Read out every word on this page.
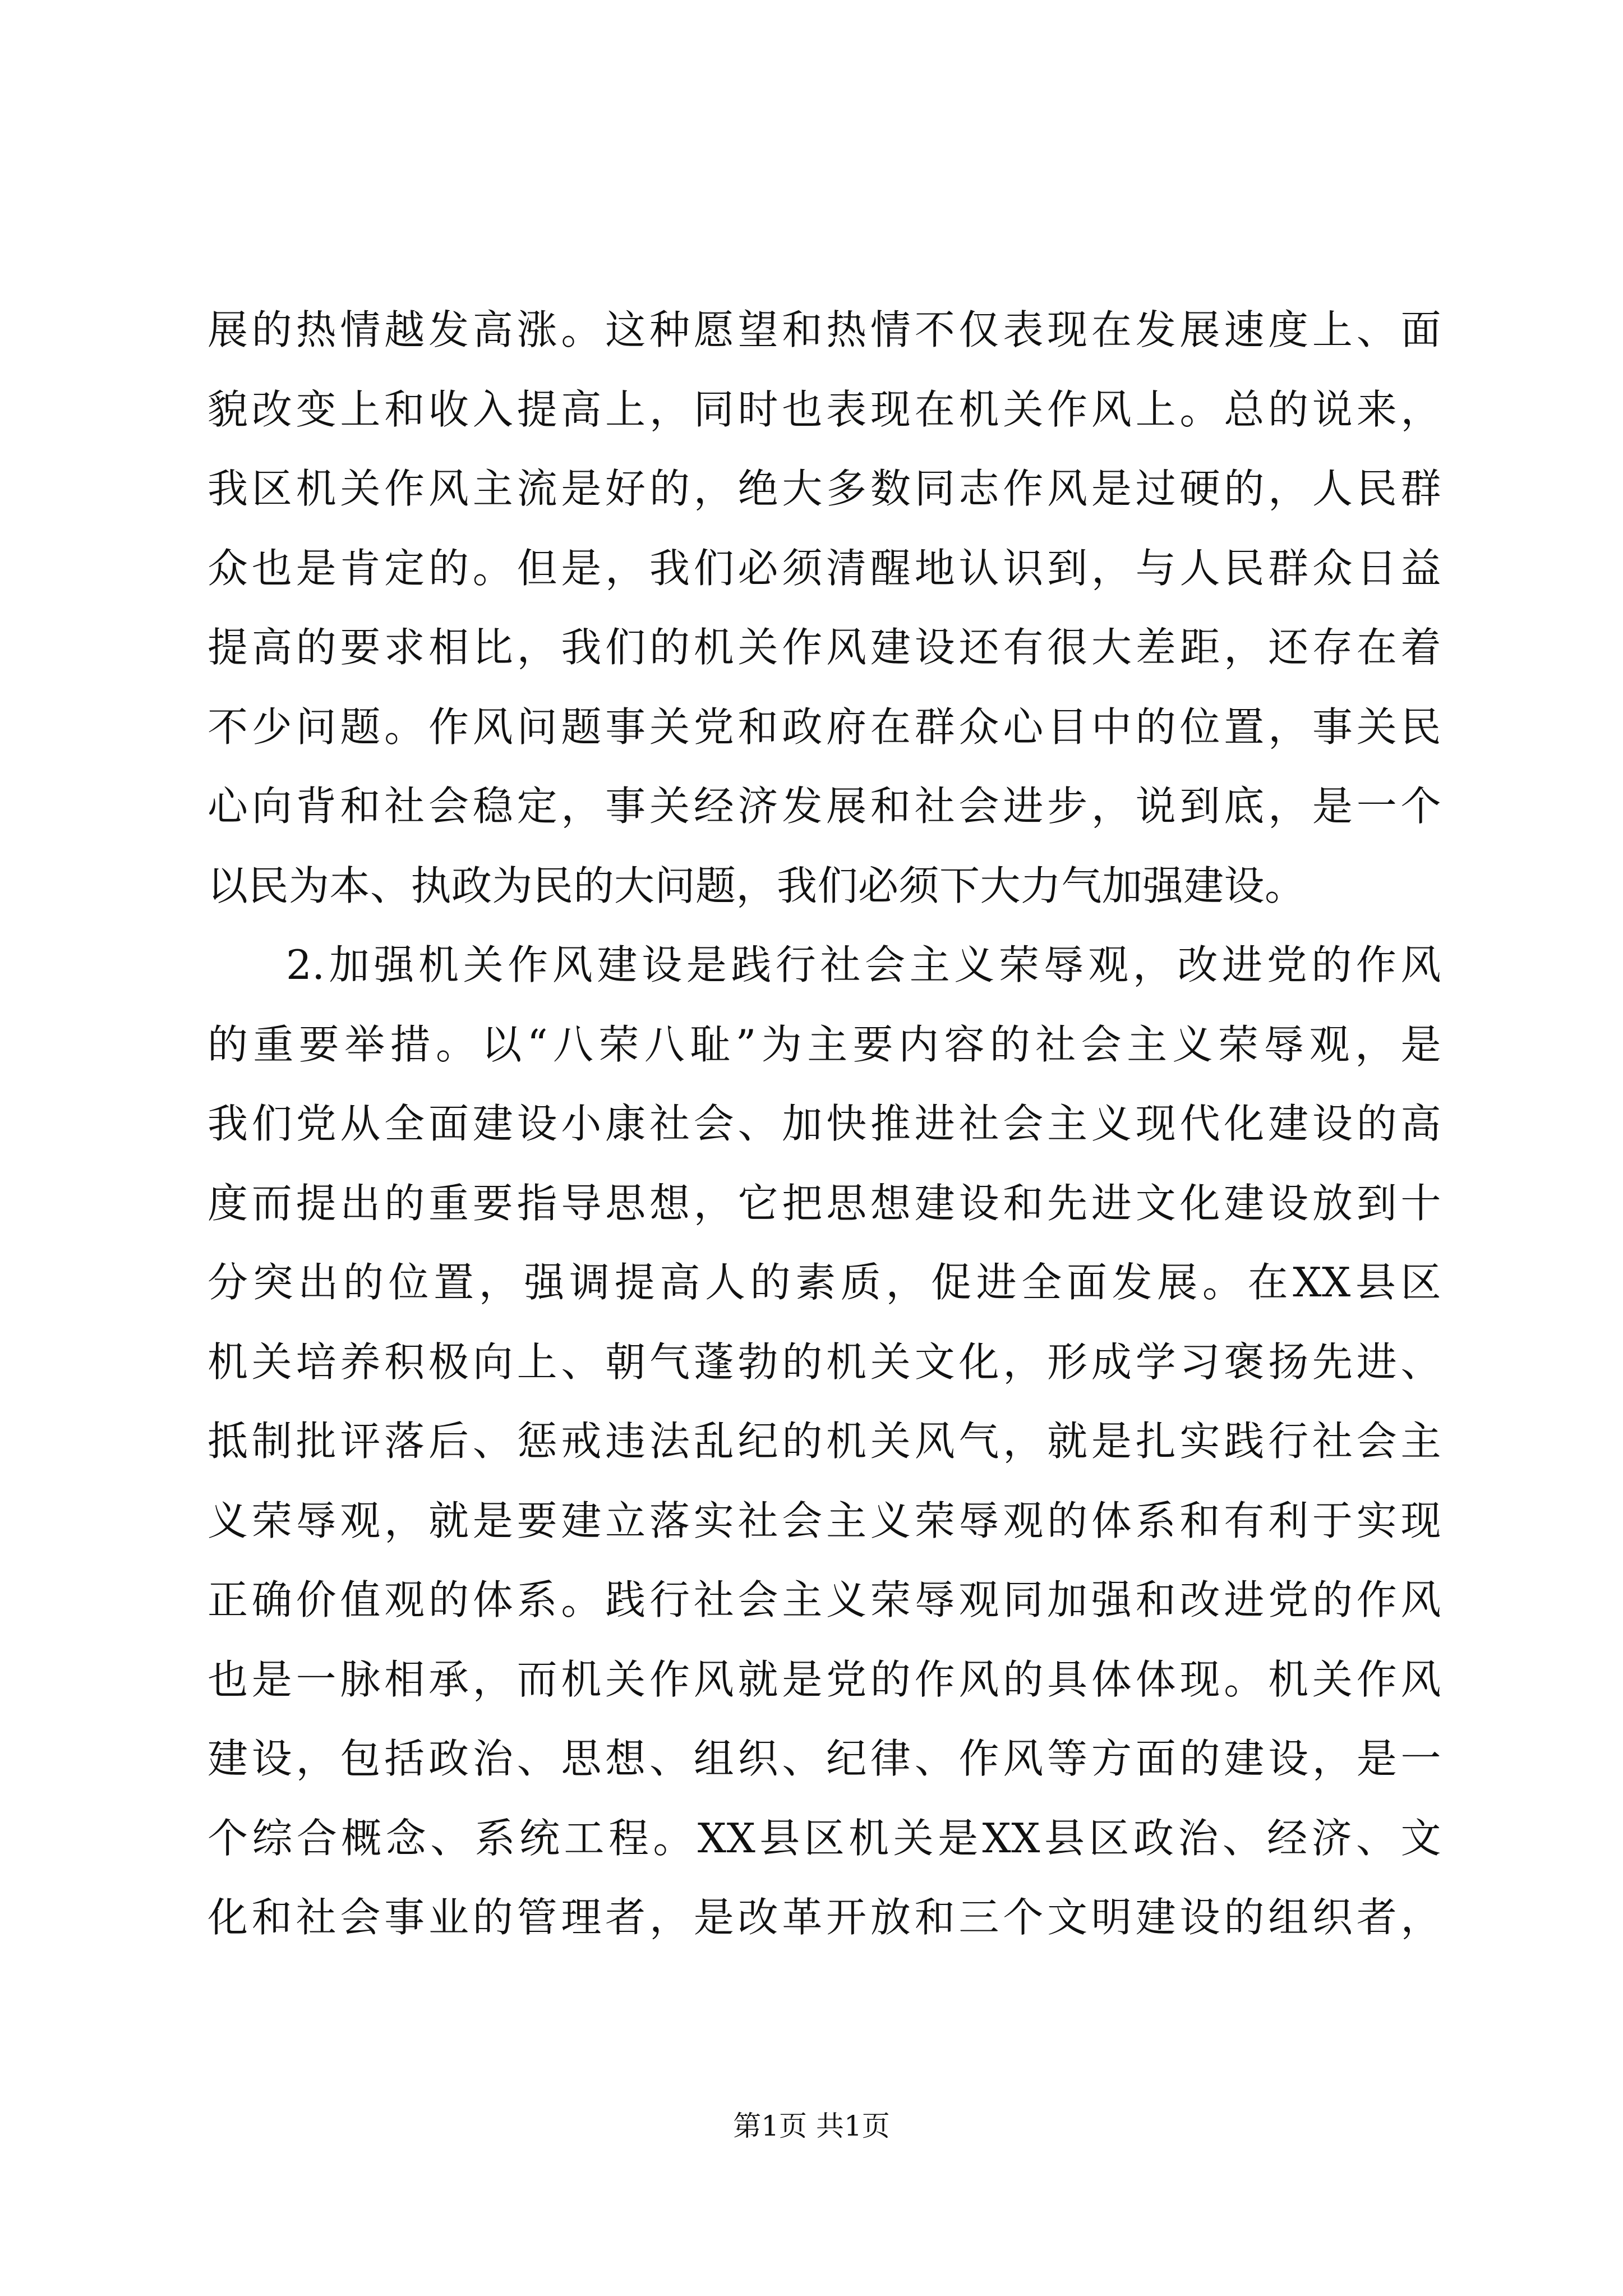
展的热情越发高涨。这种愿望和热情不仅表现在发展速度上、面
貌改变上和收入提高上，同时也表现在机关作风上。总的说来，
我区机关作风主流是好的，绝大多数同志作风是过硬的，人民群
众也是肯定的。但是，我们必须清醒地认识到，与人民群众日益
提高的要求相比，我们的机关作风建设还有很大差距，还存在着
不少问题。作风问题事关党和政府在群众心目中的位置，事关民
心向背和社会稳定，事关经济发展和社会进步，说到底，是一个
以民为本、执政为民的大问题，我们必须下大力气加强建设。
2.加强机关作风建设是践行社会主义荣辱观，改进党的作风
的重要举措。以“八荣八耻”为主要内容的社会主义荣辱观，是
我们党从全面建设小康社会、加快推进社会主义现代化建设的高
度而提出的重要指导思想，它把思想建设和先进文化建设放到十
分突出的位置，强调提高人的素质，促进全面发展。在XX县区
机关培养积极向上、朝气蓬勃的机关文化，形成学习褒扬先进、
抵制批评落后、惩戒违法乱纪的机关风气，就是扎实践行社会主
义荣辱观，就是要建立落实社会主义荣辱观的体系和有利于实现
正确价值观的体系。践行社会主义荣辱观同加强和改进党的作风
也是一脉相承，而机关作风就是党的作风的具体体现。机关作风
建设，包括政治、思想、组织、纪律、作风等方面的建设，是一
个综合概念、系统工程。XX县区机关是XX县区政治、经济、文
化和社会事业的管理者，是改革开放和三个文明建设的组织者，
第1页 共1页
